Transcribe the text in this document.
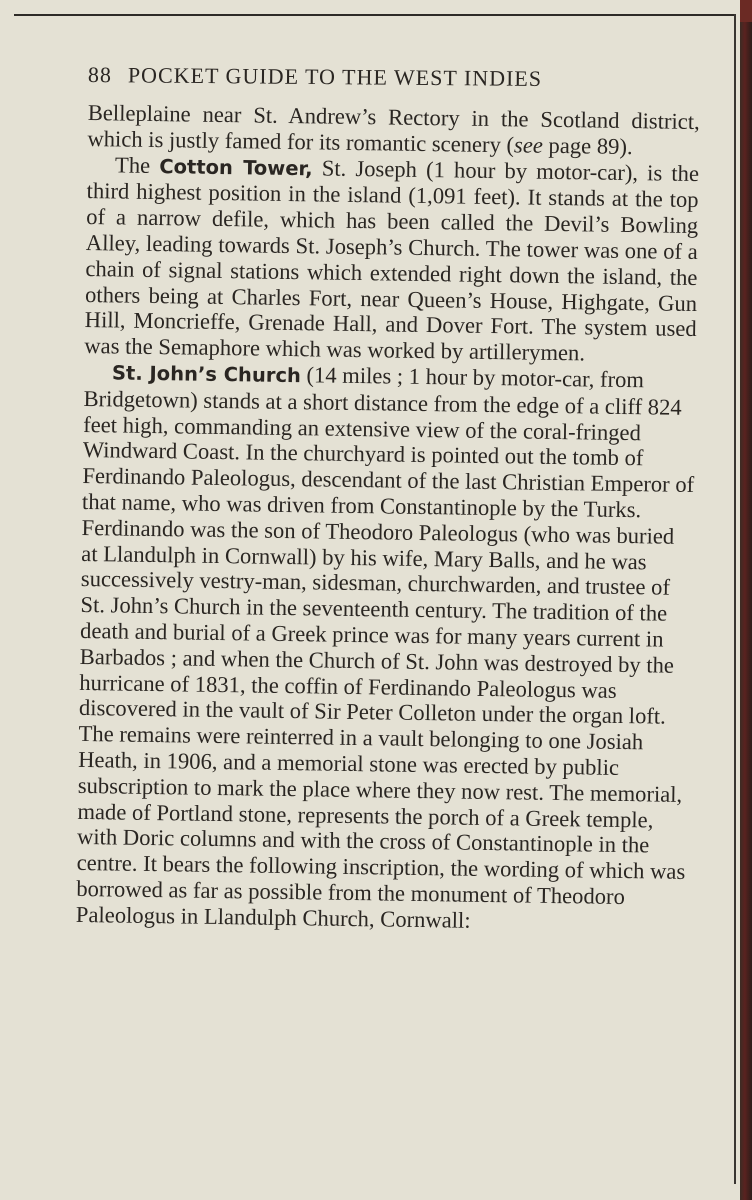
88 POCKET GUIDE TO THE WEST INDIES

Belleplaine near St. Andrew’s Rectory in the Scotland district, which is justly famed for its romantic scenery (see page 89).

The Cotton Tower, St. Joseph (1 hour by motor-car), is the third highest position in the island (1,091 feet). It stands at the top of a narrow defile, which has been called the Devil’s Bowling Alley, leading towards St. Joseph’s Church. The tower was one of a chain of signal stations which extended right down the island, the others being at Charles Fort, near Queen’s House, Highgate, Gun Hill, Moncrieffe, Grenade Hall, and Dover Fort. The system used was the Semaphore which was worked by artillerymen.

St. John’s Church (14 miles ; 1 hour by motor-car, from Bridgetown) stands at a short distance from the edge of a cliff 824 feet high, commanding an extensive view of the coral-fringed Windward Coast. In the churchyard is pointed out the tomb of Ferdinando Paleologus, descendant of the last Christian Emperor of that name, who was driven from Constantinople by the Turks. Ferdinando was the son of Theodoro Paleologus (who was buried at Llandulph in Cornwall) by his wife, Mary Balls, and he was successively vestry-man, sidesman, churchwarden, and trustee of St. John’s Church in the seventeenth century. The tradition of the death and burial of a Greek prince was for many years current in Barbados ; and when the Church of St. John was destroyed by the hurricane of 1831, the coffin of Ferdinando Paleologus was discovered in the vault of Sir Peter Colleton under the organ loft. The remains were reinterred in a vault belonging to one Josiah Heath, in 1906, and a memorial stone was erected by public subscription to mark the place where they now rest. The memorial, made of Portland stone, represents the porch of a Greek temple, with Doric columns and with the cross of Constantinople in the centre. It bears the following inscription, the wording of which was borrowed as far as possible from the monument of Theodoro Paleologus in Llandulph Church, Cornwall:
